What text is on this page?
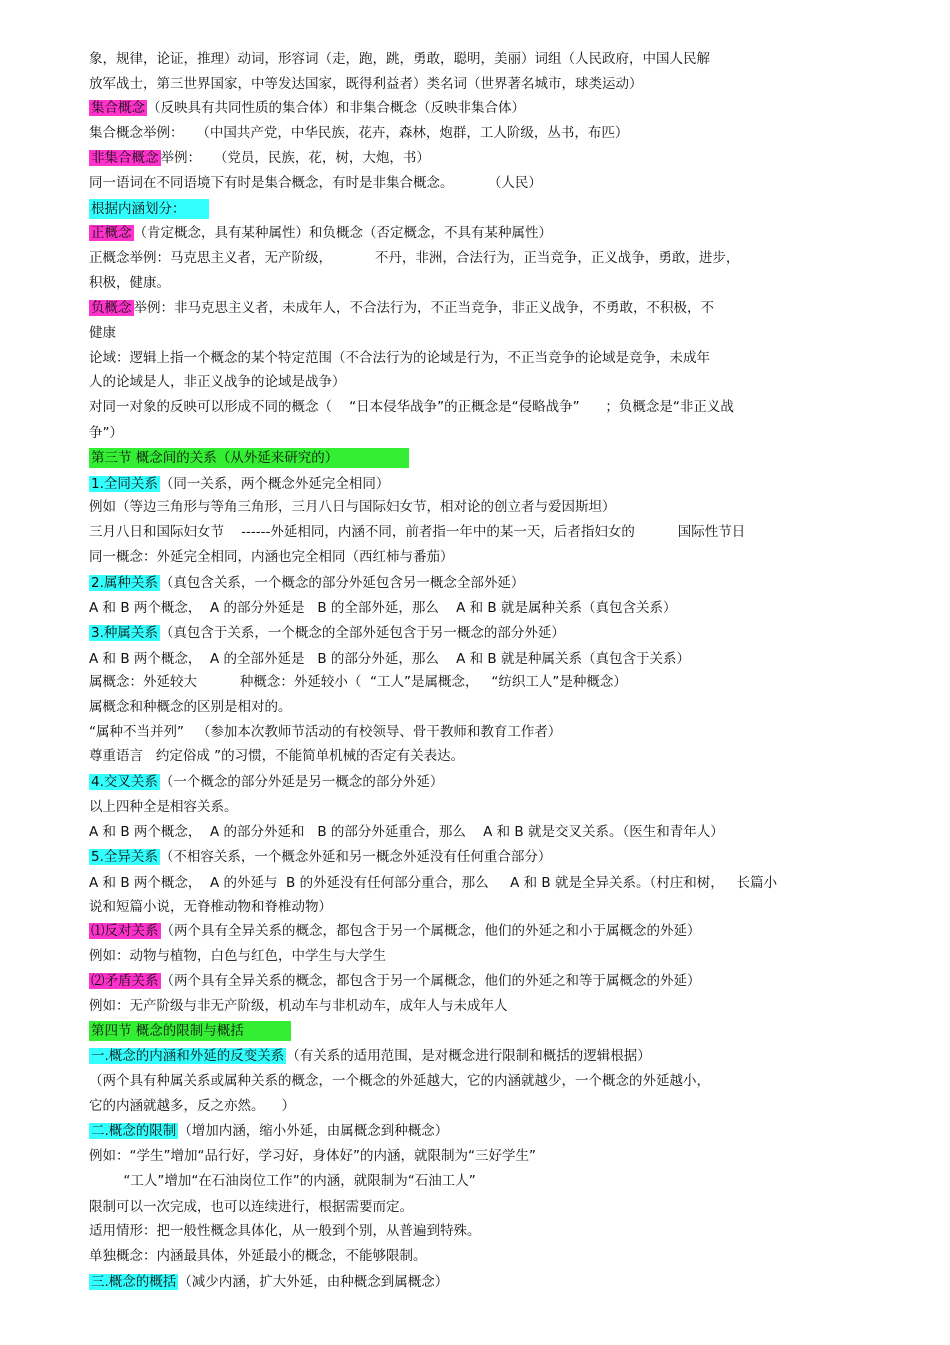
象，规律，论证，推理）动词，形容词（走，跑，跳，勇敢，聪明，美丽）词组（人民政府，中国人民解
放军战士，第三世界国家，中等发达国家，既得利益者）类名词（世界著名城市，球类运动）
集合概念 （反映具有共同性质的集合体）和非集合概念（反映非集合体）
集合概念举例：   （中国共产党，中华民族，花卉，森林，炮群，工人阶级，丛书，布匹）
非集合概念 举例：   （党员，民族，花，树，大炮，书）
同一语词在不同语境下有时是集合概念，有时是非集合概念。        （人民）
根据内涵划分：
正概念 （肯定概念，具有某种属性）和负概念（否定概念，不具有某种属性）
正概念举例：马克思主义者，无产阶级，          不丹，非洲，合法行为，正当竞争，正义战争，勇敢，进步，
积极，健康。
负概念 举例：非马克思主义者，未成年人，不合法行为，不正当竞争，非正义战争，不勇敢，不积极，不
健康
论域：逻辑上指一个概念的某个特定范围（不合法行为的论域是行为，不正当竞争的论域是竞争，未成年
人的论域是人，非正义战争的论域是战争）
对同一对象的反映可以形成不同的概念（    “日本侵华战争”的正概念是“侵略战争”      ；负概念是“非正义战
争”）
第三节 概念间的关系（从外延来研究的）
1.全同关系 （同一关系，两个概念外延完全相同）
例如（等边三角形与等角三角形，三月八日与国际妇女节，相对论的创立者与爱因斯坦）
三月八日和国际妇女节    ------外延相同，内涵不同，前者指一年中的某一天，后者指妇女的          国际性节日
同一概念：外延完全相同，内涵也完全相同（西红柿与番茄）
2.属种关系 （真包含关系，一个概念的部分外延包含另一概念全部外延）
A 和 B 两个概念，  A 的部分外延是   B 的全部外延，那么    A 和 B 就是属种关系（真包含关系）
3.种属关系 （真包含于关系，一个概念的全部外延包含于另一概念的部分外延）
A 和 B 两个概念，  A 的全部外延是   B 的部分外延，那么    A 和 B 就是种属关系（真包含于关系）
属概念：外延较大          种概念：外延较小（  “工人”是属概念，   “纺织工人”是种概念）
属概念和种概念的区别是相对的。
“属种不当并列”   （参加本次教师节活动的有校领导、骨干教师和教育工作者）
尊重语言   约定俗成 ”的习惯，不能简单机械的否定有关表达。
4.交叉关系 （一个概念的部分外延是另一概念的部分外延）
以上四种全是相容关系。
A 和 B 两个概念，  A 的部分外延和   B 的部分外延重合，那么    A 和 B 就是交叉关系。（医生和青年人）
5.全异关系 （不相容关系，一个概念外延和另一概念外延没有任何重合部分）
A 和 B 两个概念，  A 的外延与  B 的外延没有任何部分重合，那么     A 和 B 就是全异关系。（村庄和树，   长篇小
说和短篇小说，无脊椎动物和脊椎动物）
⑴反对关系 （两个具有全异关系的概念，都包含于另一个属概念，他们的外延之和小于属概念的外延）
例如：动物与植物，白色与红色，中学生与大学生
⑵矛盾关系 （两个具有全异关系的概念，都包含于另一个属概念，他们的外延之和等于属概念的外延）
例如：无产阶级与非无产阶级，机动车与非机动车，成年人与未成年人
第四节 概念的限制与概括
一.概念的内涵和外延的反变关系 （有关系的适用范围，是对概念进行限制和概括的逻辑根据）
（两个具有种属关系或属种关系的概念，一个概念的外延越大，它的内涵就越少，一个概念的外延越小，
它的内涵就越多，反之亦然。    ）
二.概念的限制 （增加内涵，缩小外延，由属概念到种概念）
例如：“学生”增加“品行好，学习好，身体好”的内涵，就限制为“三好学生”
“工人”增加“在石油岗位工作”的内涵，就限制为“石油工人”
限制可以一次完成，也可以连续进行，根据需要而定。
适用情形：把一般性概念具体化，从一般到个别，从普遍到特殊。
单独概念：内涵最具体，外延最小的概念，不能够限制。
三.概念的概括 （减少内涵，扩大外延，由种概念到属概念）
